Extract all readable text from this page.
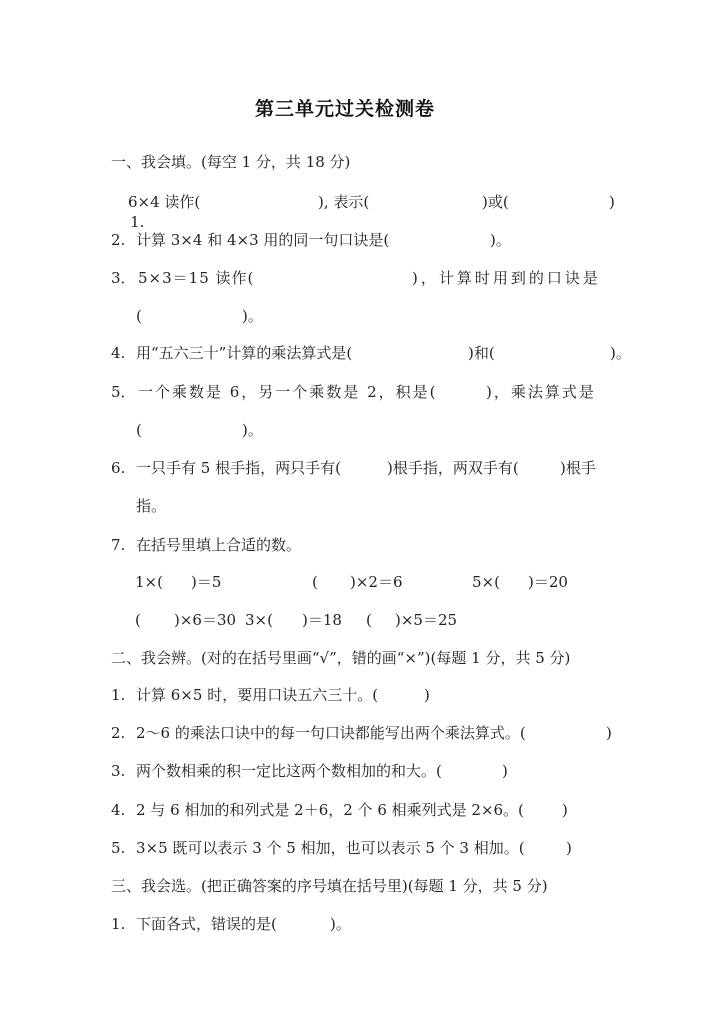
第三单元过关检测卷
一、我会填。(每空 1 分，共 18 分)

1.

6×4 读作(	), 表示(	)或(	)
2. 计算 3×4 和 4×3 用的同一句口诀是(	)。
3． 5×3＝15 读作(	)，计算时用到的口诀是
(	)。
4. 用“五六三十”计算的乘法算式是(	)和(	)。
5． 一个乘数是 6，另一个乘数是 2，积是(	)，乘法算式是
(	)。
6. 一只手有 5 根手指，两只手有(	)根手指，两双手有(	)根手
指。
7. 在括号里填上合适的数。
1×( )＝5	( )×2＝6	5×( )＝20
( )×6＝30 3×( )＝18 ( )×5＝25
二、我会辨。(对的在括号里画“√”，错的画“×”)(每题 1 分，共 5 分)
1. 计算 6×5 时，要用口诀五六三十。(	)
2. 2～6 的乘法口诀中的每一句口诀都能写出两个乘法算式。(	)
3. 两个数相乘的积一定比这两个数相加的和大。(	)
4. 2 与 6 相加的和列式是 2＋6，2 个 6 相乘列式是 2×6。(	)
5. 3×5 既可以表示 3 个 5 相加，也可以表示 5 个 3 相加。(	)
三、我会选。(把正确答案的序号填在括号里)(每题 1 分，共 5 分)
1. 下面各式，错误的是(	)。
